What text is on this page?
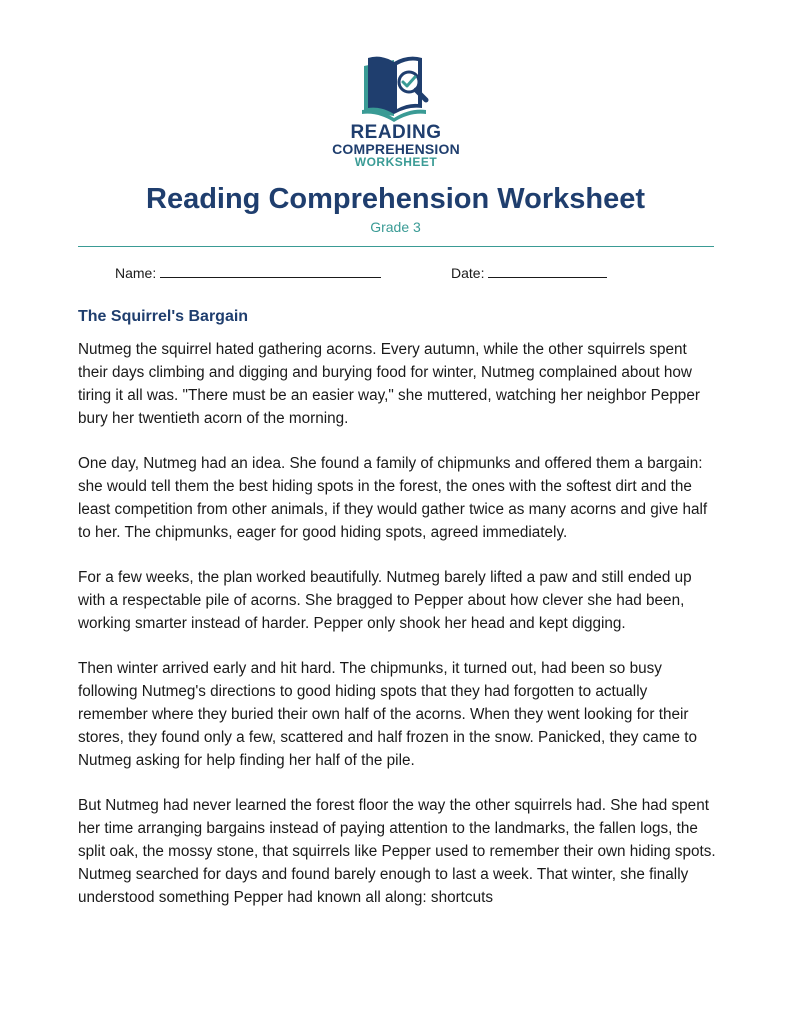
READING
COMPREHENSION
WORKSHEET
Reading Comprehension Worksheet
Grade 3
Name:	Date:
The Squirrel's Bargain

Nutmeg the squirrel hated gathering acorns. Every autumn, while the other squirrels spent their days climbing and digging and burying food for winter, Nutmeg complained about how tiring it all was. "There must be an easier way," she muttered, watching her neighbor Pepper bury her twentieth acorn of the morning.

One day, Nutmeg had an idea. She found a family of chipmunks and offered them a bargain: she would tell them the best hiding spots in the forest, the ones with the softest dirt and the least competition from other animals, if they would gather twice as many acorns and give half to her. The chipmunks, eager for good hiding spots, agreed immediately.

For a few weeks, the plan worked beautifully. Nutmeg barely lifted a paw and still ended up with a respectable pile of acorns. She bragged to Pepper about how clever she had been, working smarter instead of harder. Pepper only shook her head and kept digging.

Then winter arrived early and hit hard. The chipmunks, it turned out, had been so busy following Nutmeg's directions to good hiding spots that they had forgotten to actually remember where they buried their own half of the acorns. When they went looking for their stores, they found only a few, scattered and half frozen in the snow. Panicked, they came to Nutmeg asking for help finding her half of the pile.

But Nutmeg had never learned the forest floor the way the other squirrels had. She had spent her time arranging bargains instead of paying attention to the landmarks, the fallen logs, the split oak, the mossy stone, that squirrels like Pepper used to remember their own hiding spots. Nutmeg searched for days and found barely enough to last a week. That winter, she finally understood something Pepper had known all along: shortcuts
